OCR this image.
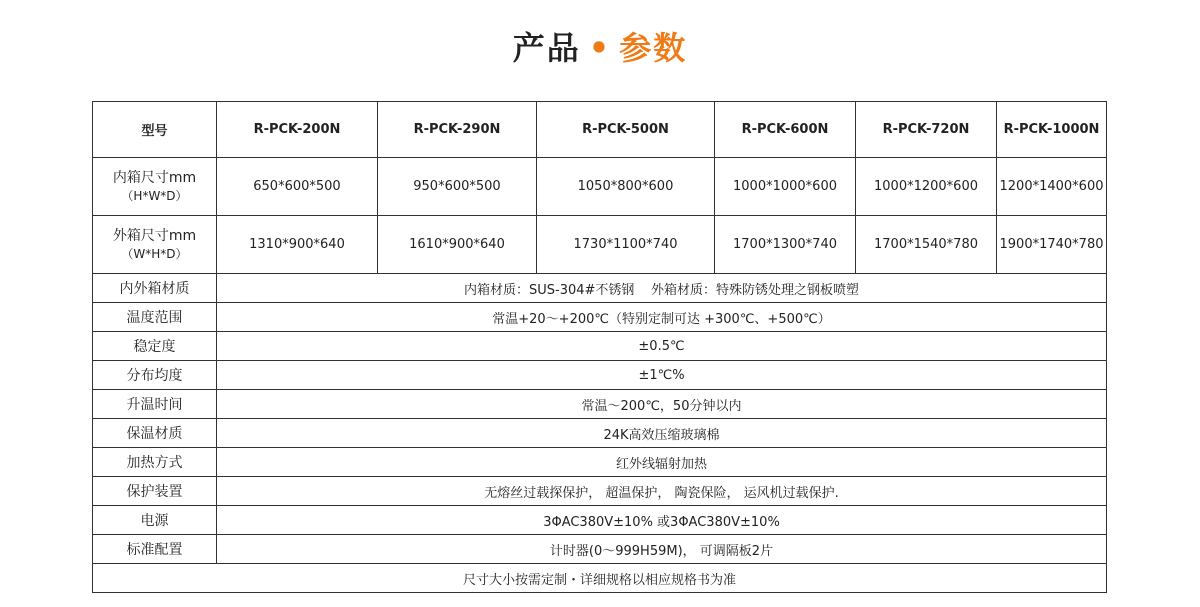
产品 • 参数
型号	R-PCK-200N	R-PCK-290N	R-PCK-500N	R-PCK-600N	R-PCK-720N	R-PCK-1000N

内箱尺寸mm
（H*W*D）	650*600*500	950*600*500	1050*800*600	1000*1000*600	1000*1200*600	1200*1400*600

外箱尺寸mm
（W*H*D）	1310*900*640	1610*900*640	1730*1100*740	1700*1300*740	1700*1540*780	1900*1740*780
内外箱材质	内箱材质：SUS-304#不锈钢    外箱材质：特殊防锈处理之钢板喷塑					
温度范围	常温+20～+200℃（特别定制可达 +300℃、+500℃）					
稳定度	±0.5℃					
分布均度	±1℃%					
升温时间	常温～200℃，50分钟以内					
保温材质	24K高效压缩玻璃棉					
加热方式	红外线辐射加热					
保护装置	无熔丝过载探保护， 超温保护， 陶瓷保险， 运风机过载保护.					
电源	3ΦAC380V±10% 或3ΦAC380V±10%					
标准配置	计时器(0～999H59M)， 可调隔板2片					
尺寸大小按需定制・详细规格以相应规格书为准						
